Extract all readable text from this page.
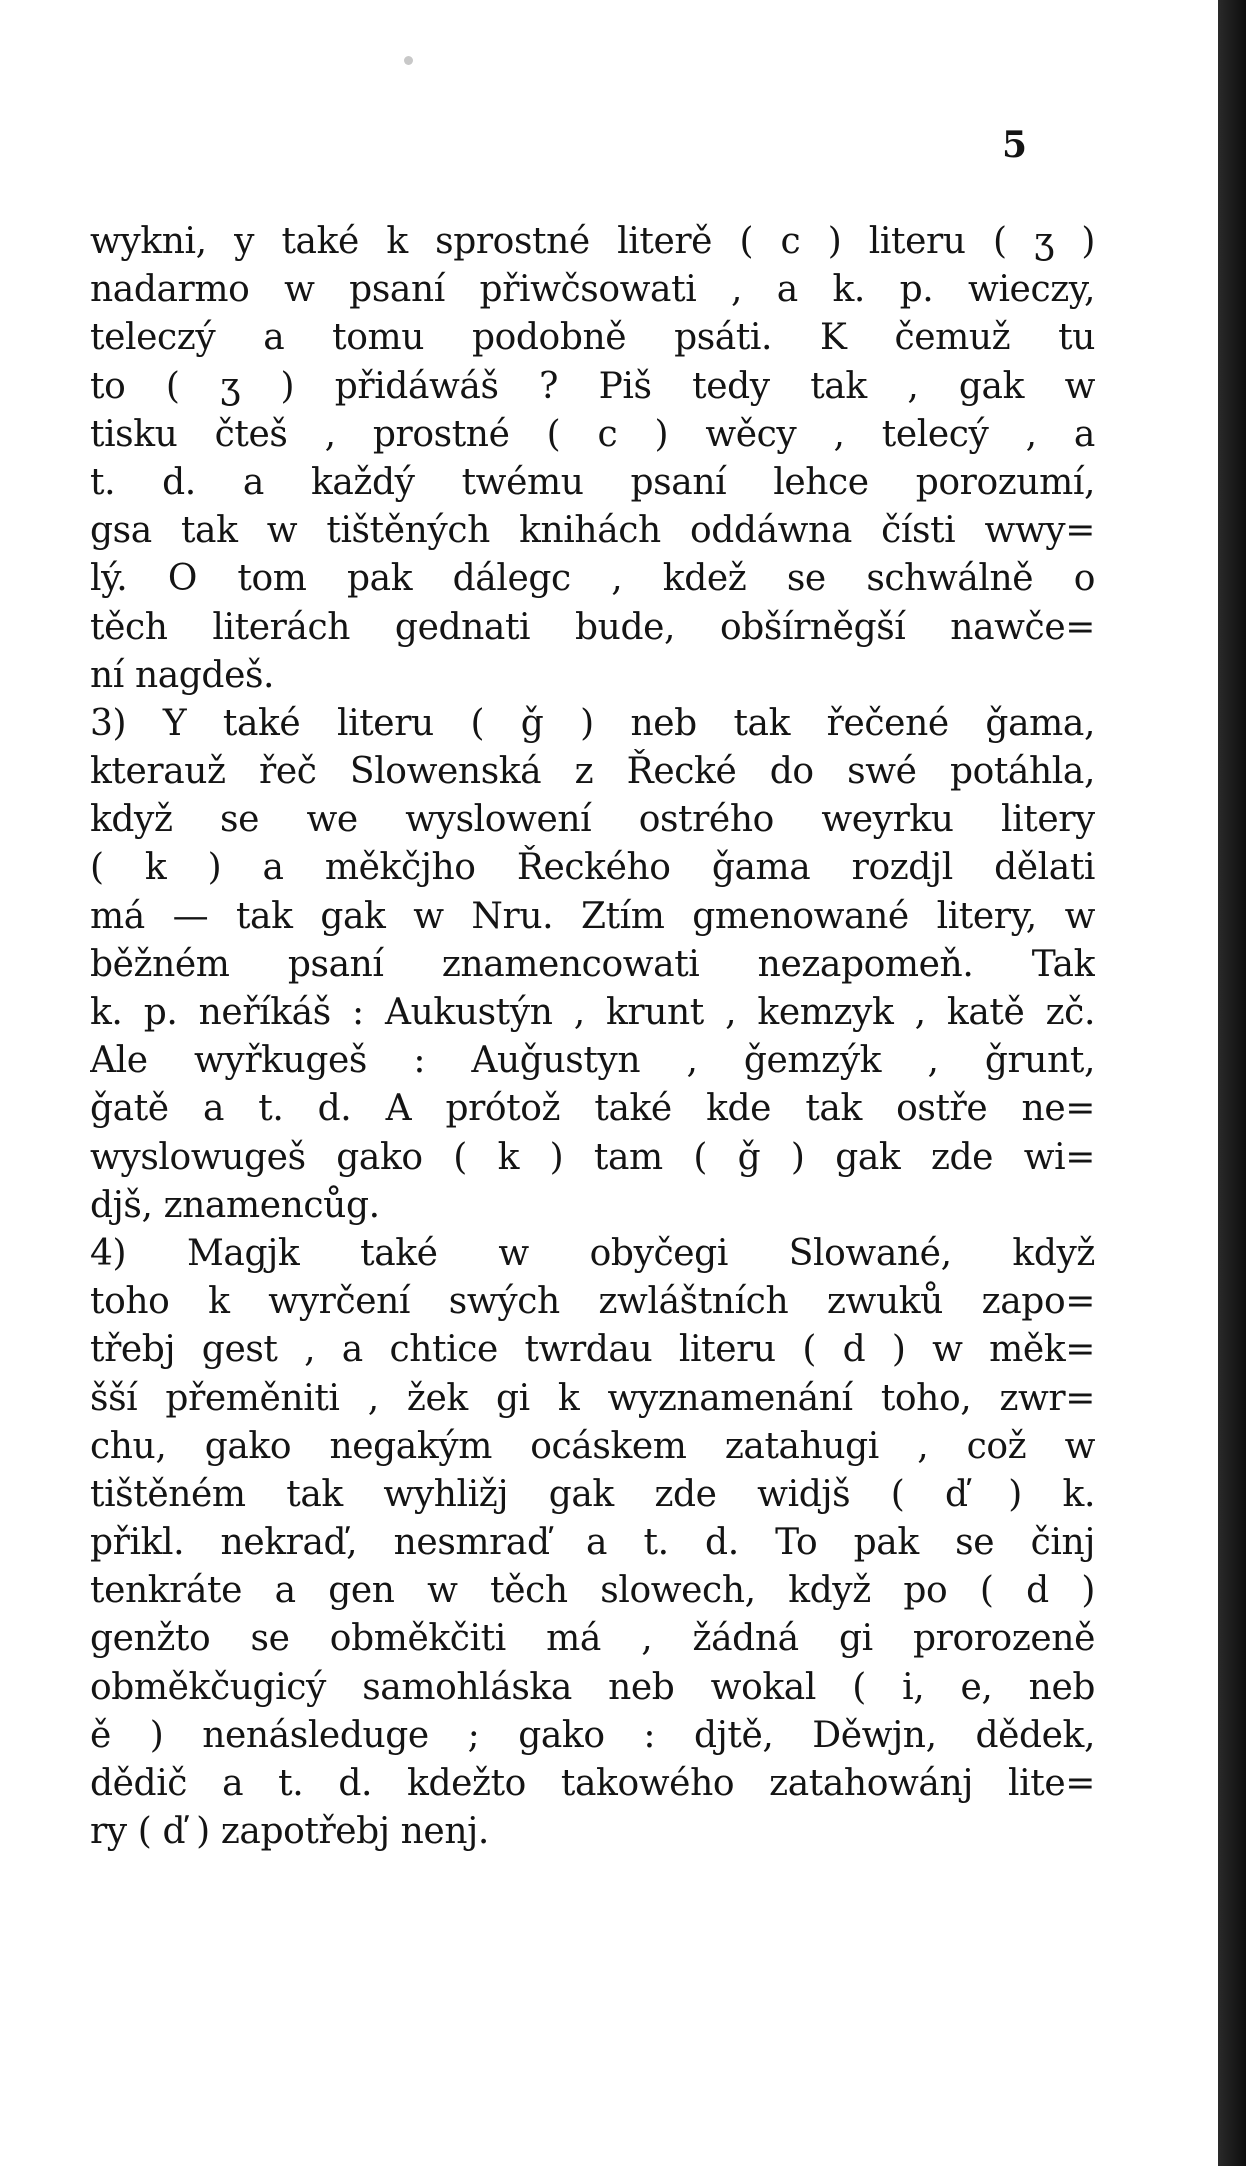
5
wykni, y také k sprostné literě ( c ) literu ( ʒ )
nadarmo w psaní přiwčsowati , a k. p. wieczy,
teleczý a tomu podobně psáti. K čemuž tu
to ( ʒ ) přidáwáš ? Piš tedy tak , gak w
tisku čteš , prostné ( c ) wěcy , telecý , a
t. d. a každý twému psaní lehce porozumí,
gsa tak w tištěných knihách oddáwna čísti wwy=
lý. O tom pak dálegc , kdež se schwálně o
těch literách gednati bude, obšírněgší nawče=
ní nagdeš.
3) Y také literu ( ǧ ) neb tak řečené ǧama,
kterauž řeč Slowenská z Řecké do swé potáhla,
když se we wyslowení ostrého weyrku litery
( k ) a měkčjho Řeckého ǧama rozdjl dělati
má — tak gak w Nru. Ztím gmenowané litery, w
běžném psaní znamencowati nezapomeň. Tak
k. p. neříkáš : Aukustýn , krunt , kemzyk , katě zč.
Ale wyřkugeš : Auǧustyn , ǧemzýk , ǧrunt,
ǧatě a t. d. A prótož také kde tak ostře ne=
wyslowugeš gako ( k ) tam ( ǧ ) gak zde wi=
djš, znamencůg.
4) Magjk také w obyčegi Slowané, když
toho k wyrčení swých zwláštních zwuků zapo=
třebj gest , a chtice twrdau literu ( d ) w měk=
šší přeměniti , žek gi k wyznamenání toho, zwr=
chu, gako negakým ocáskem zatahugi , což w
tištěném tak wyhližj gak zde widjš ( ď ) k.
přikl. nekraď, nesmraď a t. d. To pak se činj
tenkráte a gen w těch slowech, když po ( d )
genžto se obměkčiti má , žádná gi prorozeně
obměkčugicý samohláska neb wokal ( i, e, neb
ě ) nenásleduge ; gako : djtě, Děwjn, dědek,
dědič a t. d. kdežto takowého zatahowánj lite=
ry ( ď ) zapotřebj nenj.
